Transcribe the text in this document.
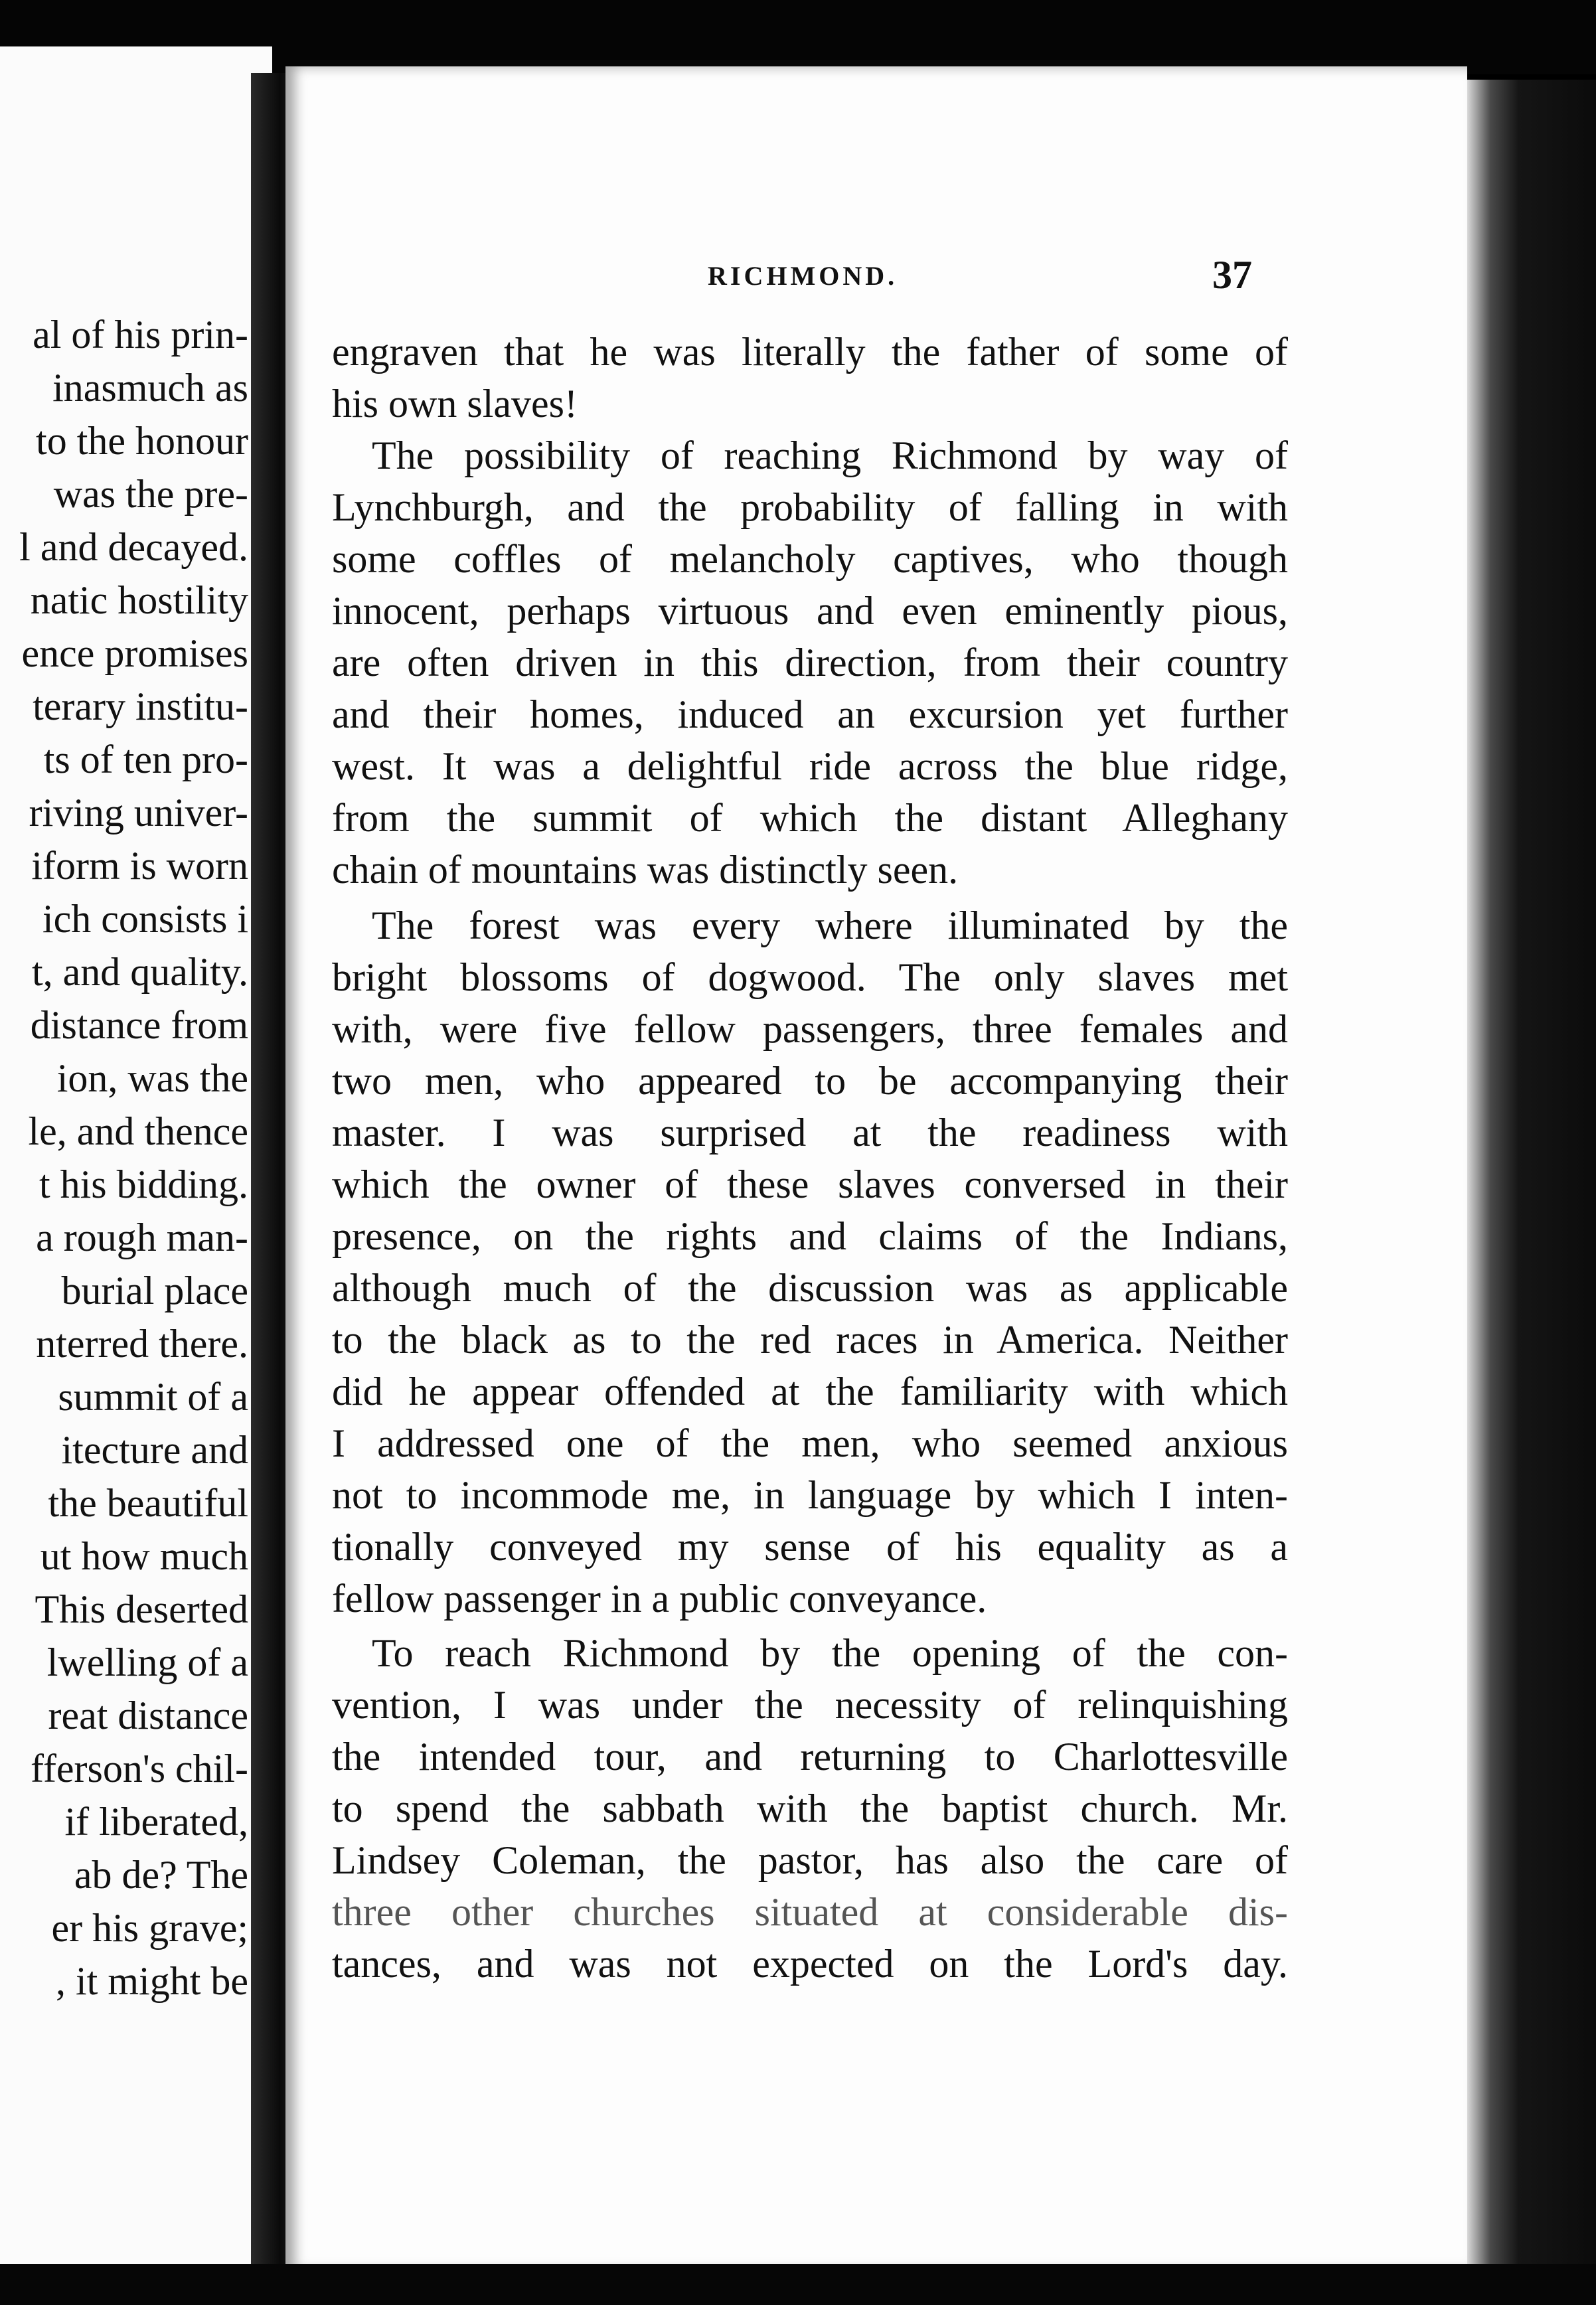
al of his prin-
inasmuch as
to the honour
was the pre-
l and decayed.
natic hostility
ence promises
terary institu-
ts of ten pro-
riving univer-
iform is worn
ich consists i
t, and quality.
distance from
ion, was the
le, and thence
t his bidding.
a rough man-
burial place
nterred there.
summit of a
itecture and
the beautiful
ut how much
This deserted
lwelling of a
reat distance
fferson's chil-
if liberated,
ab de? The
er his grave;
, it might be
RICHMOND.	37
engraven that he was literally the father of some of
his own slaves!
The possibility of reaching Richmond by way of
Lynchburgh, and the probability of falling in with
some coffles of melancholy captives, who though
innocent, perhaps virtuous and even eminently pious,
are often driven in this direction, from their country
and their homes, induced an excursion yet further
west. It was a delightful ride across the blue ridge,
from the summit of which the distant Alleghany
chain of mountains was distinctly seen.
The forest was every where illuminated by the
bright blossoms of dogwood. The only slaves met
with, were five fellow passengers, three females and
two men, who appeared to be accompanying their
master. I was surprised at the readiness with
which the owner of these slaves conversed in their
presence, on the rights and claims of the Indians,
although much of the discussion was as applicable
to the black as to the red races in America. Neither
did he appear offended at the familiarity with which
I addressed one of the men, who seemed anxious
not to incommode me, in language by which I inten-
tionally conveyed my sense of his equality as a
fellow passenger in a public conveyance.
To reach Richmond by the opening of the con-
vention, I was under the necessity of relinquishing
the intended tour, and returning to Charlottesville
to spend the sabbath with the baptist church. Mr.
Lindsey Coleman, the pastor, has also the care of
three other churches situated at considerable dis-
tances, and was not expected on the Lord's day.
